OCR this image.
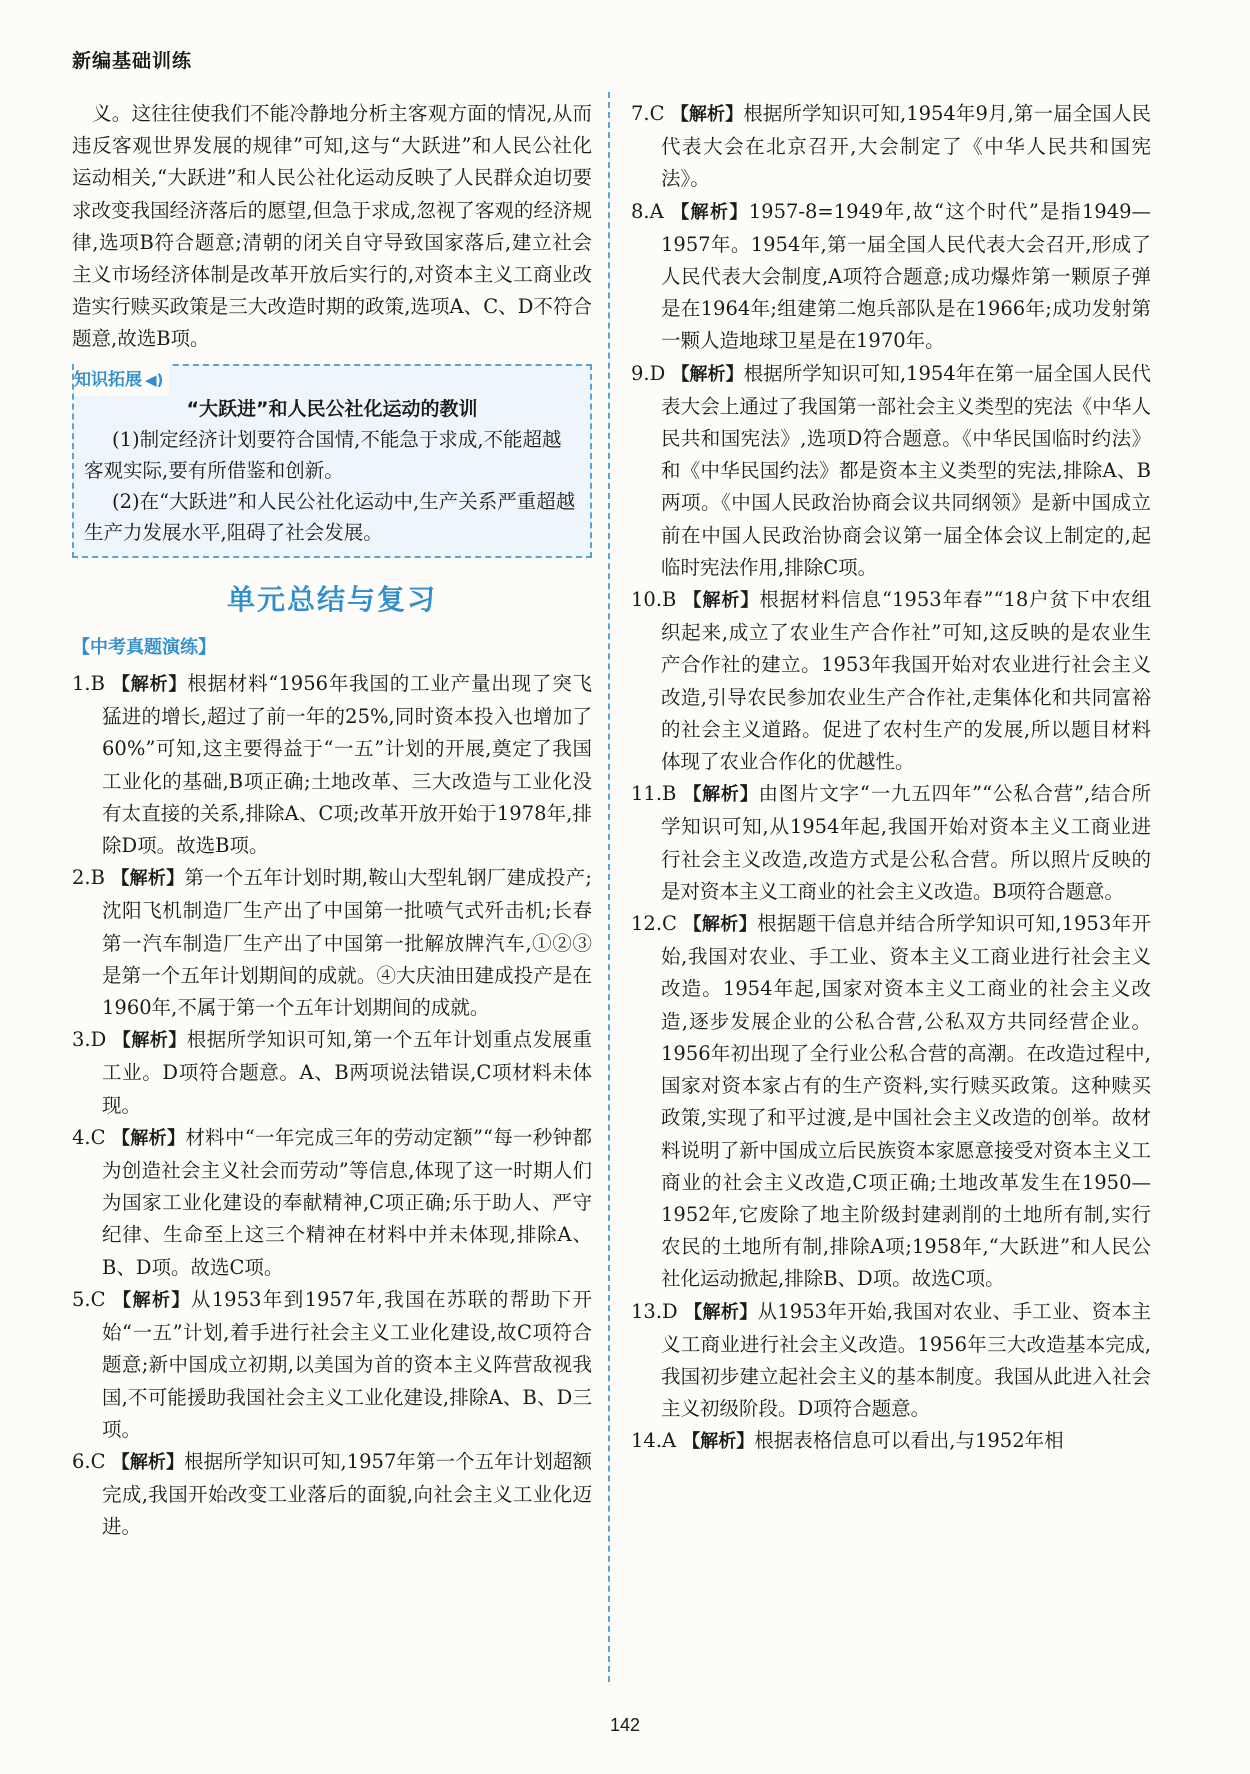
新编基础训练

义。这往往使我们不能冷静地分析主客观方面的情况,从而违反客观世界发展的规律”可知,这与“大跃进”和人民公社化运动相关,“大跃进”和人民公社化运动反映了人民群众迫切要求改变我国经济落后的愿望,但急于求成,忽视了客观的经济规律,选项B符合题意;清朝的闭关自守导致国家落后,建立社会主义市场经济体制是改革开放后实行的,对资本主义工商业改造实行赎买政策是三大改造时期的政策,选项A、C、D不符合题意,故选B项。

知识拓展 ◀)
“大跃进”和人民公社化运动的教训

(1)制定经济计划要符合国情,不能急于求成,不能超越客观实际,要有所借鉴和创新。

(2)在“大跃进”和人民公社化运动中,生产关系严重超越生产力发展水平,阻碍了社会发展。

单元总结与复习
【中考真题演练】

1.B 【解析】根据材料“1956年我国的工业产量出现了突飞猛进的增长,超过了前一年的25%,同时资本投入也增加了60%”可知,这主要得益于“一五”计划的开展,奠定了我国工业化的基础,B项正确;土地改革、三大改造与工业化没有太直接的关系,排除A、C项;改革开放开始于1978年,排除D项。故选B项。

2.B 【解析】第一个五年计划时期,鞍山大型轧钢厂建成投产;沈阳飞机制造厂生产出了中国第一批喷气式歼击机;长春第一汽车制造厂生产出了中国第一批解放牌汽车,①②③是第一个五年计划期间的成就。④大庆油田建成投产是在1960年,不属于第一个五年计划期间的成就。

3.D 【解析】根据所学知识可知,第一个五年计划重点发展重工业。D项符合题意。A、B两项说法错误,C项材料未体现。

4.C 【解析】材料中“一年完成三年的劳动定额”“每一秒钟都为创造社会主义社会而劳动”等信息,体现了这一时期人们为国家工业化建设的奉献精神,C项正确;乐于助人、严守纪律、生命至上这三个精神在材料中并未体现,排除A、B、D项。故选C项。

5.C 【解析】从1953年到1957年,我国在苏联的帮助下开始“一五”计划,着手进行社会主义工业化建设,故C项符合题意;新中国成立初期,以美国为首的资本主义阵营敌视我国,不可能援助我国社会主义工业化建设,排除A、B、D三项。

6.C 【解析】根据所学知识可知,1957年第一个五年计划超额完成,我国开始改变工业落后的面貌,向社会主义工业化迈进。

7.C 【解析】根据所学知识可知,1954年9月,第一届全国人民代表大会在北京召开,大会制定了《中华人民共和国宪法》。

8.A 【解析】1957-8=1949年,故“这个时代”是指1949—1957年。1954年,第一届全国人民代表大会召开,形成了人民代表大会制度,A项符合题意;成功爆炸第一颗原子弹是在1964年;组建第二炮兵部队是在1966年;成功发射第一颗人造地球卫星是在1970年。

9.D 【解析】根据所学知识可知,1954年在第一届全国人民代表大会上通过了我国第一部社会主义类型的宪法《中华人民共和国宪法》,选项D符合题意。《中华民国临时约法》和《中华民国约法》都是资本主义类型的宪法,排除A、B两项。《中国人民政治协商会议共同纲领》是新中国成立前在中国人民政治协商会议第一届全体会议上制定的,起临时宪法作用,排除C项。

10.B 【解析】根据材料信息“1953年春”“18户贫下中农组织起来,成立了农业生产合作社”可知,这反映的是农业生产合作社的建立。1953年我国开始对农业进行社会主义改造,引导农民参加农业生产合作社,走集体化和共同富裕的社会主义道路。促进了农村生产的发展,所以题目材料体现了农业合作化的优越性。

11.B 【解析】由图片文字“一九五四年”“公私合营”,结合所学知识可知,从1954年起,我国开始对资本主义工商业进行社会主义改造,改造方式是公私合营。所以照片反映的是对资本主义工商业的社会主义改造。B项符合题意。

12.C 【解析】根据题干信息并结合所学知识可知,1953年开始,我国对农业、手工业、资本主义工商业进行社会主义改造。1954年起,国家对资本主义工商业的社会主义改造,逐步发展企业的公私合营,公私双方共同经营企业。1956年初出现了全行业公私合营的高潮。在改造过程中,国家对资本家占有的生产资料,实行赎买政策。这种赎买政策,实现了和平过渡,是中国社会主义改造的创举。故材料说明了新中国成立后民族资本家愿意接受对资本主义工商业的社会主义改造,C项正确;土地改革发生在1950—1952年,它废除了地主阶级封建剥削的土地所有制,实行农民的土地所有制,排除A项;1958年,“大跃进”和人民公社化运动掀起,排除B、D项。故选C项。

13.D 【解析】从1953年开始,我国对农业、手工业、资本主义工商业进行社会主义改造。1956年三大改造基本完成,我国初步建立起社会主义的基本制度。我国从此进入社会主义初级阶段。D项符合题意。

14.A 【解析】根据表格信息可以看出,与1952年相

142
